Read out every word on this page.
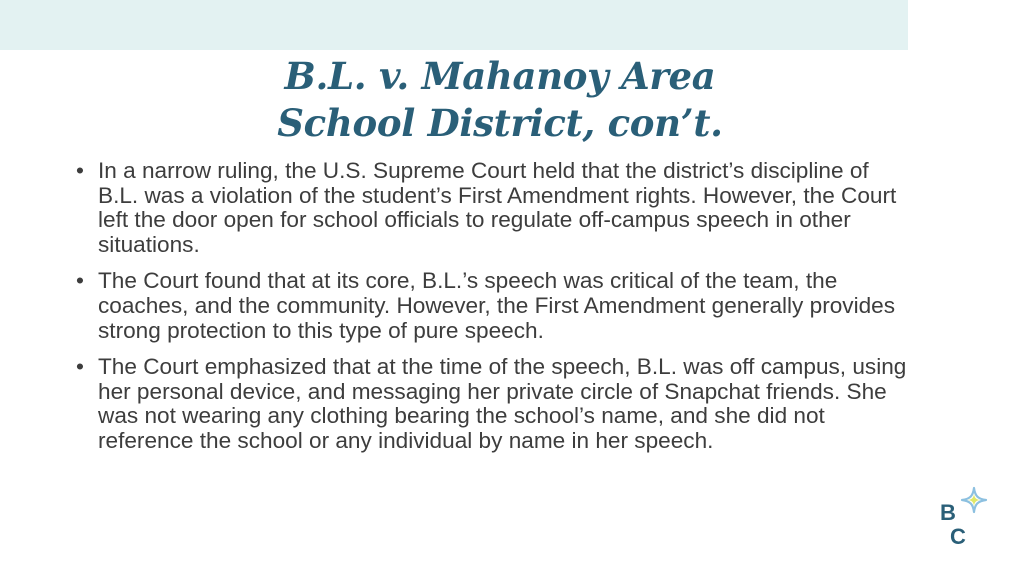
B.L. v. Mahanoy Area
School District, con’t.
• In a narrow ruling, the U.S. Supreme Court held that the district’s discipline of B.L. was a violation of the student’s First Amendment rights. However, the Court left the door open for school officials to regulate off-campus speech in other situations.
• The Court found that at its core, B.L.’s speech was critical of the team, the coaches, and the community. However, the First Amendment generally provides strong protection to this type of pure speech.
• The Court emphasized that at the time of the speech, B.L. was off campus, using her personal device, and messaging her private circle of Snapchat friends. She was not wearing any clothing bearing the school’s name, and she did not reference the school or any individual by name in her speech.
B
C
